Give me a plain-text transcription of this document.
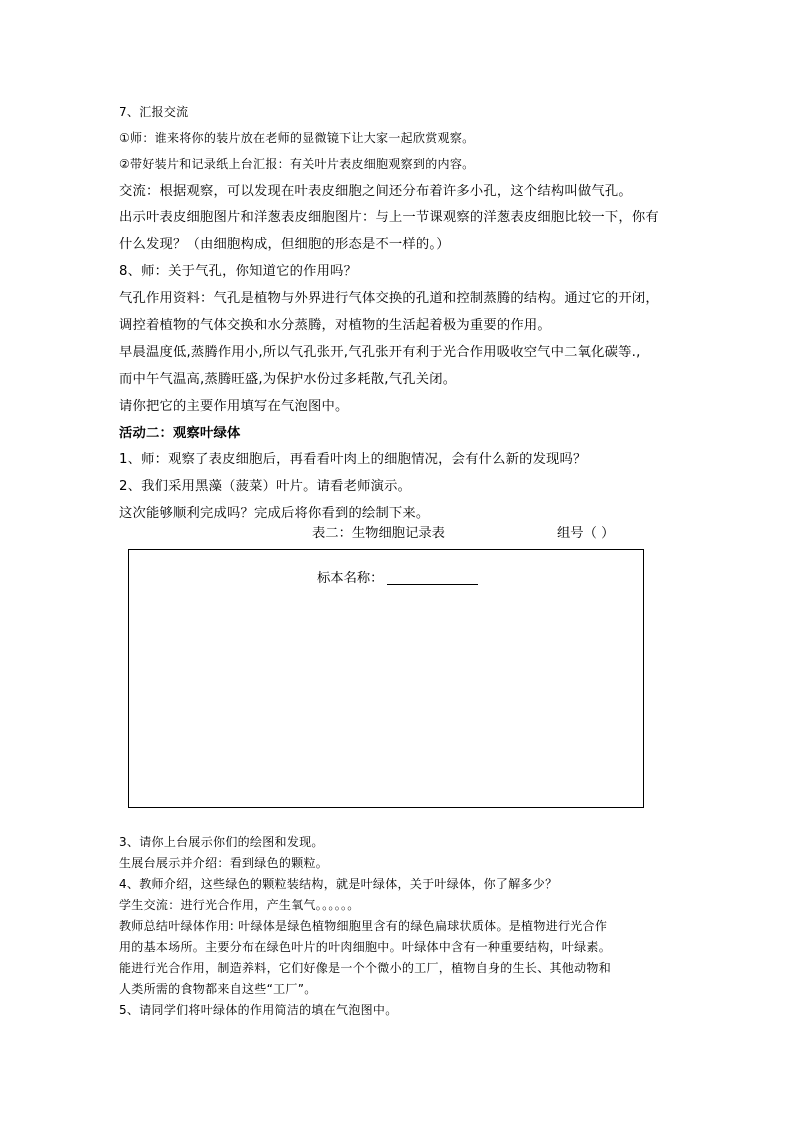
7、汇报交流
①师：谁来将你的装片放在老师的显微镜下让大家一起欣赏观察。
②带好装片和记录纸上台汇报：有关叶片表皮细胞观察到的内容。
交流：根据观察，可以发现在叶表皮细胞之间还分布着许多小孔，这个结构叫做气孔。
出示叶表皮细胞图片和洋葱表皮细胞图片：与上一节课观察的洋葱表皮细胞比较一下，你有
什么发现？（由细胞构成，但细胞的形态是不一样的。）
8、师：关于气孔，你知道它的作用吗？
气孔作用资料：气孔是植物与外界进行气体交换的孔道和控制蒸腾的结构。通过它的开闭，
调控着植物的气体交换和水分蒸腾，对植物的生活起着极为重要的作用。
早晨温度低,蒸腾作用小,所以气孔张开,气孔张开有利于光合作用吸收空气中二氧化碳等.,
而中午气温高,蒸腾旺盛,为保护水份过多耗散,气孔关闭。
请你把它的主要作用填写在气泡图中。
活动二：观察叶绿体
1、师：观察了表皮细胞后，再看看叶肉上的细胞情况，会有什么新的发现吗？
2、我们采用黑藻（菠菜）叶片。请看老师演示。
这次能够顺利完成吗？完成后将你看到的绘制下来。
表二：生物细胞记录表	组号（ ）
标本名称：
3、请你上台展示你们的绘图和发现。
生展台展示并介绍：看到绿色的颗粒。
4、教师介绍，这些绿色的颗粒装结构，就是叶绿体，关于叶绿体，你了解多少？
学生交流：进行光合作用，产生氧气。。。。。。
教师总结叶绿体作用: 叶绿体是绿色植物细胞里含有的绿色扁球状质体。是植物进行光合作
用的基本场所。主要分布在绿色叶片的叶肉细胞中。叶绿体中含有一种重要结构，叶绿素。
能进行光合作用，制造养料，它们好像是一个个微小的工厂，植物自身的生长、其他动物和
人类所需的食物都来自这些“工厂”。
5、请同学们将叶绿体的作用简洁的填在气泡图中。
